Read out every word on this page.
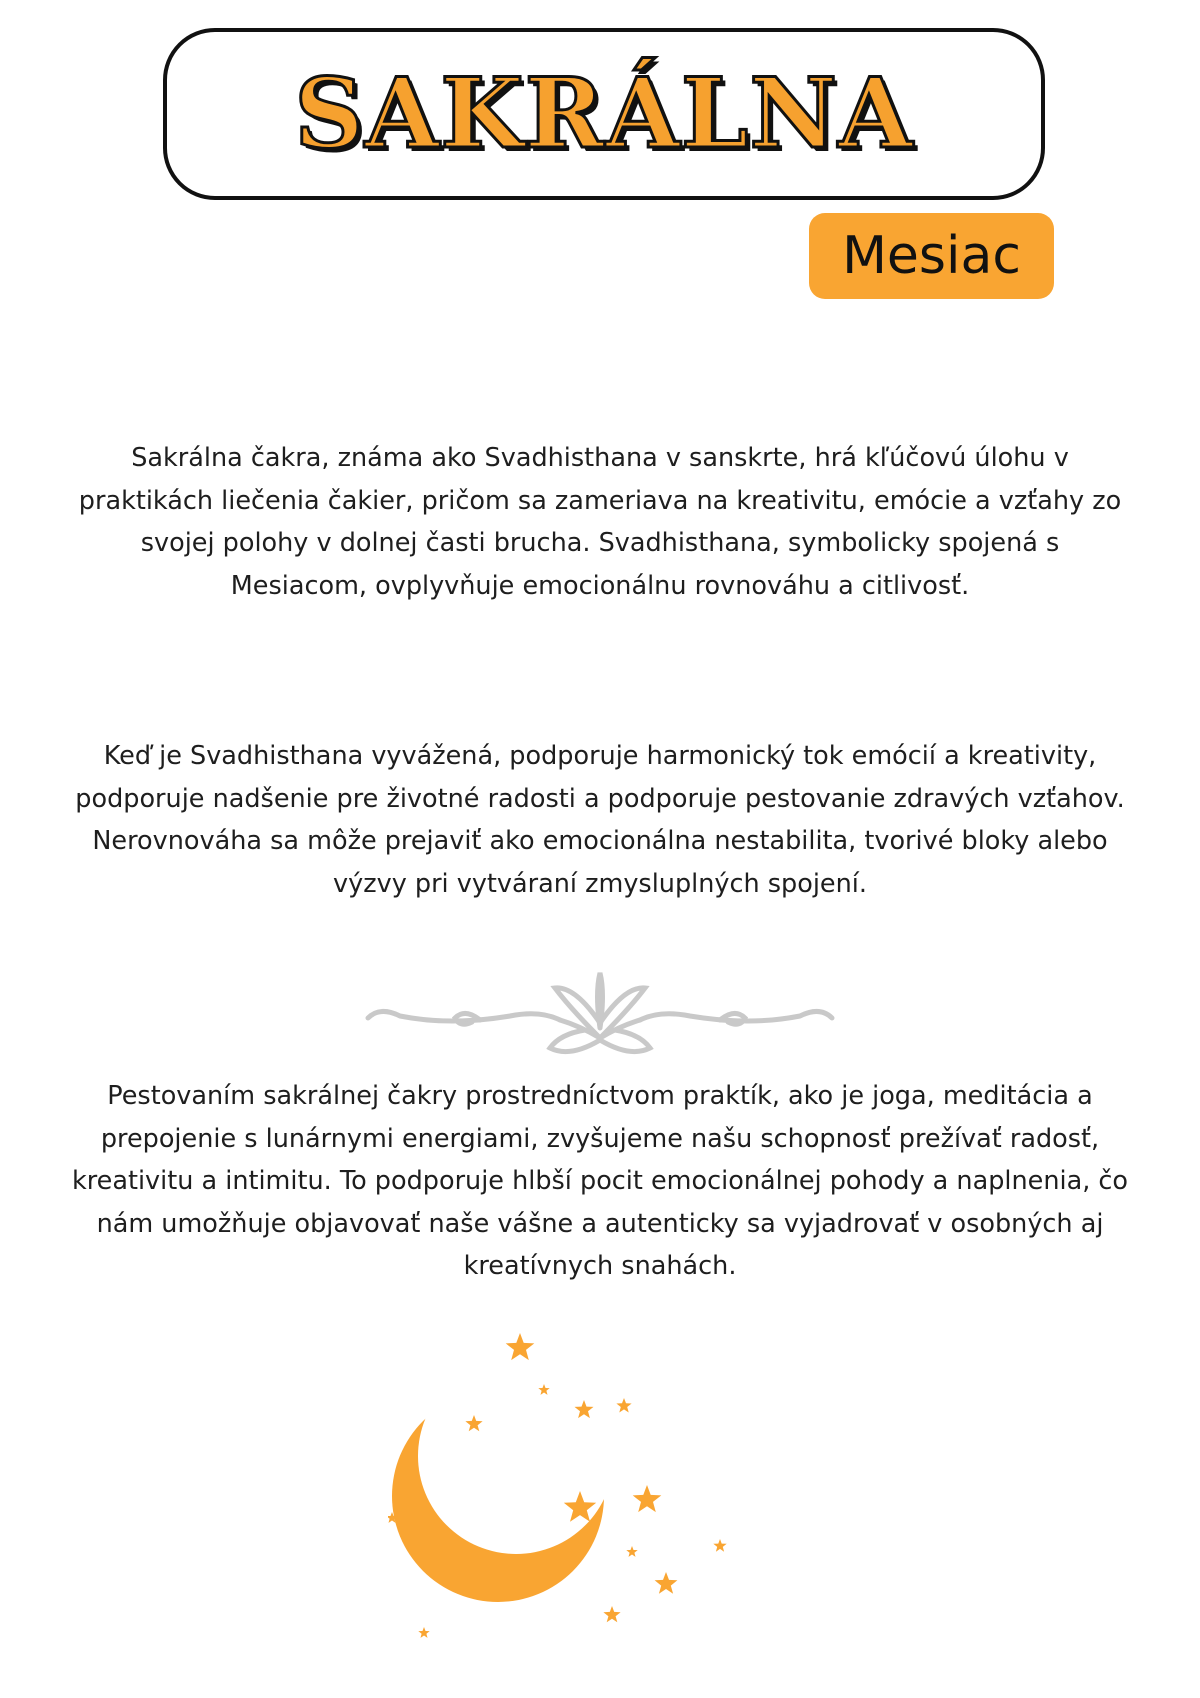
SAKRÁLNA
Mesiac

Sakrálna čakra, známa ako Svadhisthana v sanskrte, hrá kľúčovú úlohu v praktikách liečenia čakier, pričom sa zameriava na kreativitu, emócie a vzťahy zo svojej polohy v dolnej časti brucha. Svadhisthana, symbolicky spojená s Mesiacom, ovplyvňuje emocionálnu rovnováhu a citlivosť.

Keď je Svadhisthana vyvážená, podporuje harmonický tok emócií a kreativity, podporuje nadšenie pre životné radosti a podporuje pestovanie zdravých vzťahov. Nerovnováha sa môže prejaviť ako emocionálna nestabilita, tvorivé bloky alebo výzvy pri vytváraní zmysluplných spojení.

Pestovaním sakrálnej čakry prostredníctvom praktík, ako je joga, meditácia a prepojenie s lunárnymi energiami, zvyšujeme našu schopnosť prežívať radosť, kreativitu a intimitu. To podporuje hlbší pocit emocionálnej pohody a naplnenia, čo nám umožňuje objavovať naše vášne a autenticky sa vyjadrovať v osobných aj kreatívnych snahách.
